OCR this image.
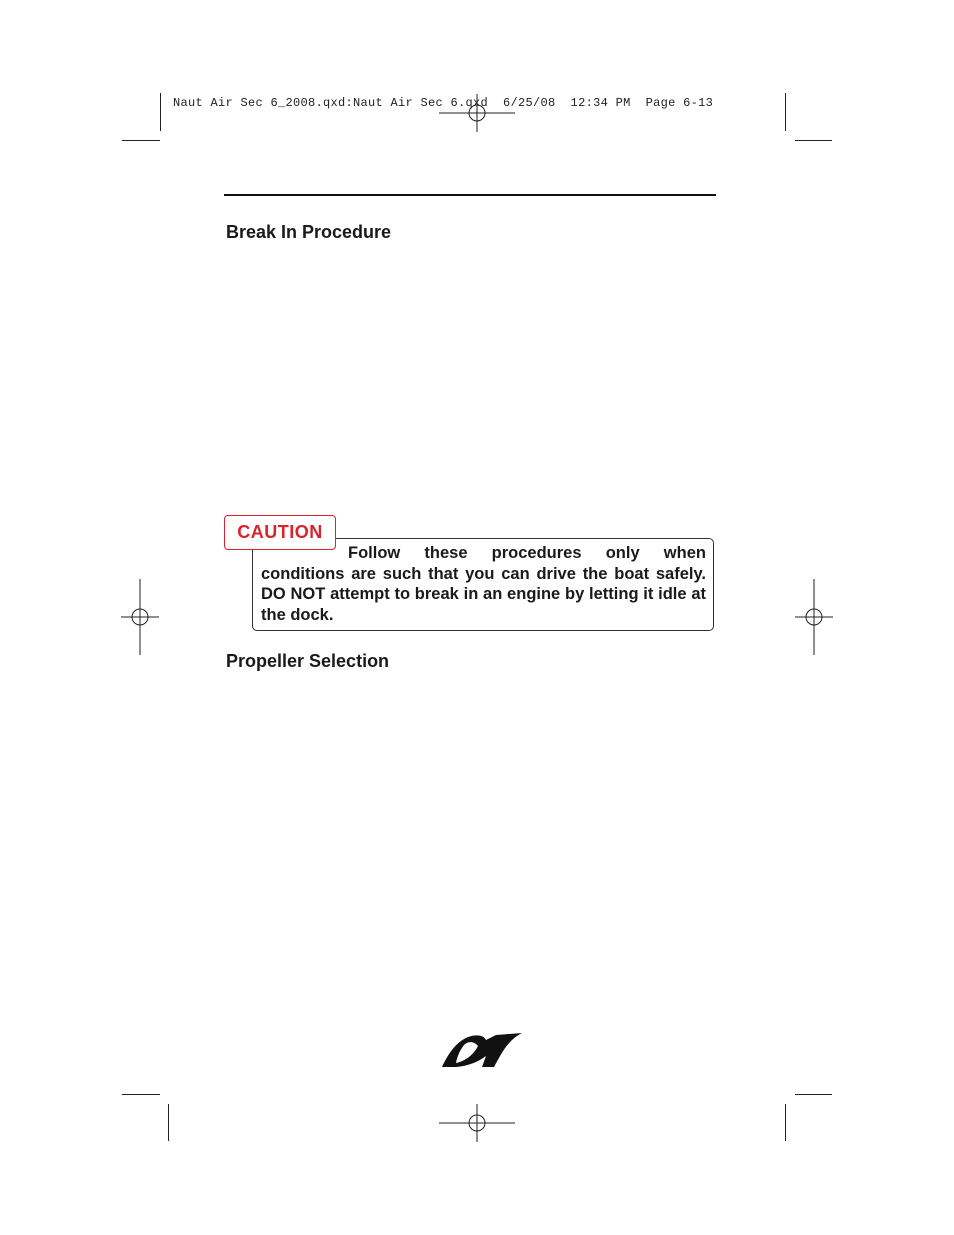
Naut Air Sec 6_2008.qxd:Naut Air Sec 6.qxd  6/25/08  12:34 PM  Page 6-13
Break In Procedure
CAUTION
Follow these procedures only when
conditions are such that you can drive the boat safely. DO NOT attempt to break in an engine by letting it idle at the dock.
Propeller Selection
